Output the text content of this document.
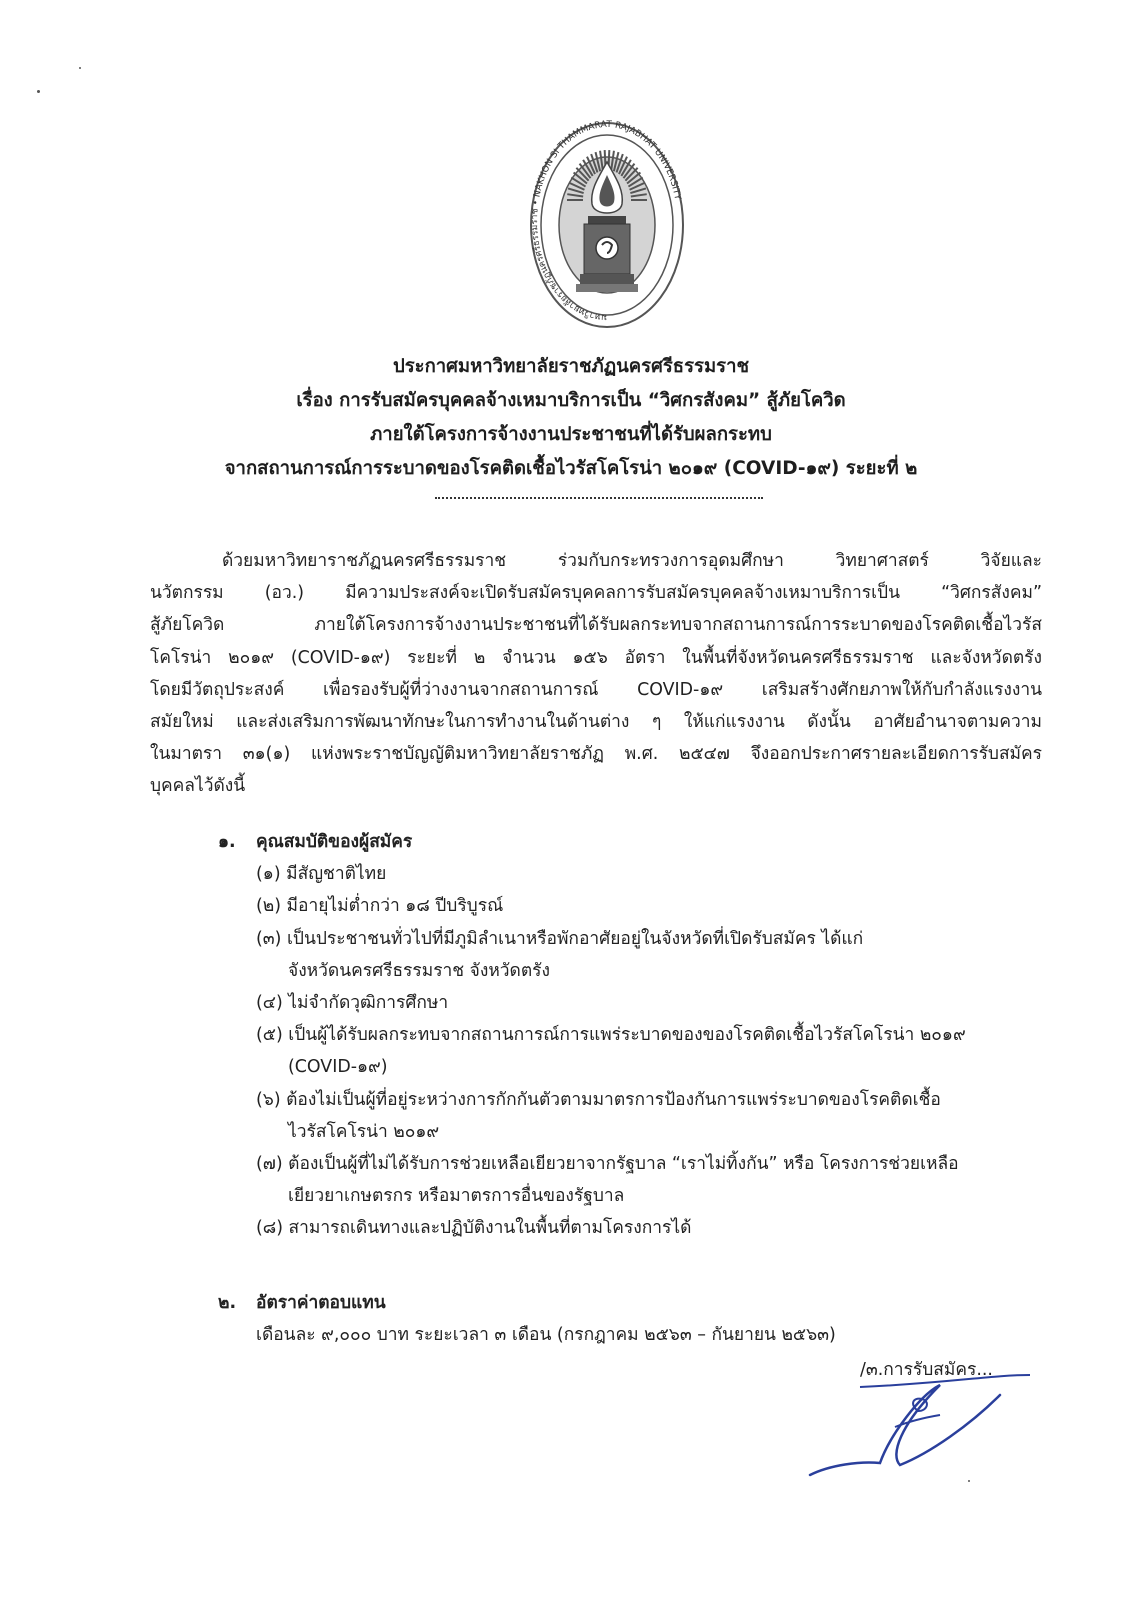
มหาวิทยาลัยราชภัฏนครศรีธรรมราช • NAKHON SI THAMMARAT RAJABHAT UNIVERSITY
ประกาศมหาวิทยาลัยราชภัฏนครศรีธรรมราช
เรื่อง การรับสมัครบุคคลจ้างเหมาบริการเป็น “วิศกรสังคม” สู้ภัยโควิด
ภายใต้โครงการจ้างงานประชาชนที่ได้รับผลกระทบ
จากสถานการณ์การระบาดของโรคติดเชื้อไวรัสโคโรน่า ๒๐๑๙ (COVID-๑๙) ระยะที่ ๒
ด้วยมหาวิทยาราชภัฏนครศรีธรรมราช ร่วมกับกระทรวงการอุดมศึกษา วิทยาศาสตร์ วิจัยและ
นวัตกรรม (อว.) มีความประสงค์จะเปิดรับสมัครบุคคลการรับสมัครบุคคลจ้างเหมาบริการเป็น “วิศกรสังคม”
สู้ภัยโควิด ภายใต้โครงการจ้างงานประชาชนที่ได้รับผลกระทบจากสถานการณ์การระบาดของโรคติดเชื้อไวรัส
โคโรน่า ๒๐๑๙ (COVID-๑๙) ระยะที่ ๒ จำนวน ๑๕๖ อัตรา ในพื้นที่จังหวัดนครศรีธรรมราช และจังหวัดตรัง
โดยมีวัตถุประสงค์ เพื่อรองรับผู้ที่ว่างงานจากสถานการณ์ COVID-๑๙ เสริมสร้างศักยภาพให้กับกำลังแรงงาน
สมัยใหม่ และส่งเสริมการพัฒนาทักษะในการทำงานในด้านต่าง ๆ ให้แก่แรงงาน ดังนั้น อาศัยอำนาจตามความ
ในมาตรา ๓๑(๑) แห่งพระราชบัญญัติมหาวิทยาลัยราชภัฏ พ.ศ. ๒๕๔๗ จึงออกประกาศรายละเอียดการรับสมัคร
บุคคลไว้ดังนี้
๑. คุณสมบัติของผู้สมัคร
(๑) มีสัญชาติไทย
(๒) มีอายุไม่ต่ำกว่า ๑๘ ปีบริบูรณ์
(๓) เป็นประชาชนทั่วไปที่มีภูมิลำเนาหรือพักอาศัยอยู่ในจังหวัดที่เปิดรับสมัคร ได้แก่
จังหวัดนครศรีธรรมราช จังหวัดตรัง
(๔) ไม่จำกัดวุฒิการศึกษา
(๕) เป็นผู้ได้รับผลกระทบจากสถานการณ์การแพร่ระบาดของของโรคติดเชื้อไวรัสโคโรน่า ๒๐๑๙
(COVID-๑๙)
(๖) ต้องไม่เป็นผู้ที่อยู่ระหว่างการกักกันตัวตามมาตรการป้องกันการแพร่ระบาดของโรคติดเชื้อ
ไวรัสโคโรน่า ๒๐๑๙
(๗) ต้องเป็นผู้ที่ไม่ได้รับการช่วยเหลือเยียวยาจากรัฐบาล “เราไม่ทิ้งกัน” หรือ โครงการช่วยเหลือ
เยียวยาเกษตรกร หรือมาตรการอื่นของรัฐบาล
(๘) สามารถเดินทางและปฏิบัติงานในพื้นที่ตามโครงการได้
๒. อัตราค่าตอบแทน
เดือนละ ๙,๐๐๐ บาท ระยะเวลา ๓ เดือน (กรกฎาคม ๒๕๖๓ – กันยายน ๒๕๖๓)
/๓.การรับสมัคร...
